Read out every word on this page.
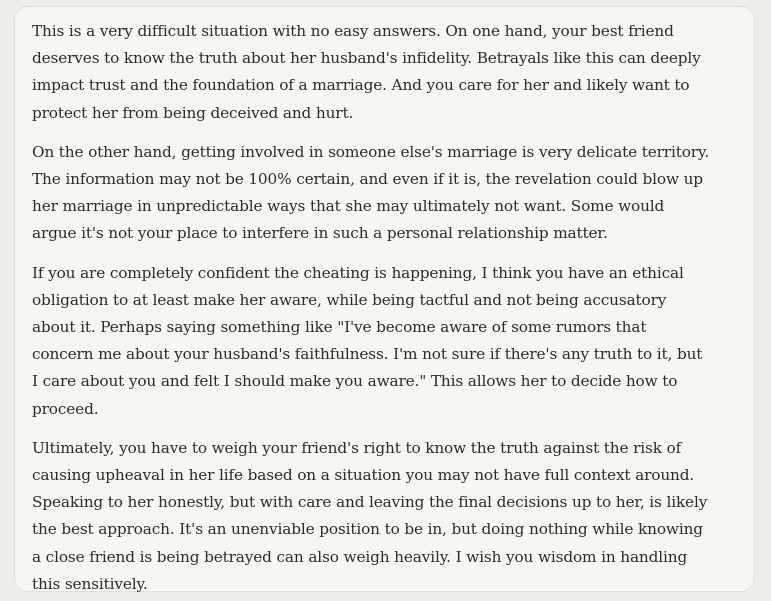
This is a very difficult situation with no easy answers. On one hand, your best friend deserves to know the truth about her husband's infidelity. Betrayals like this can deeply impact trust and the foundation of a marriage. And you care for her and likely want to protect her from being deceived and hurt.

On the other hand, getting involved in someone else's marriage is very delicate territory. The information may not be 100% certain, and even if it is, the revelation could blow up her marriage in unpredictable ways that she may ultimately not want. Some would argue it's not your place to interfere in such a personal relationship matter.

If you are completely confident the cheating is happening, I think you have an ethical obligation to at least make her aware, while being tactful and not being accusatory about it. Perhaps saying something like "I've become aware of some rumors that concern me about your husband's faithfulness. I'm not sure if there's any truth to it, but I care about you and felt I should make you aware." This allows her to decide how to proceed.

Ultimately, you have to weigh your friend's right to know the truth against the risk of causing upheaval in her life based on a situation you may not have full context around. Speaking to her honestly, but with care and leaving the final decisions up to her, is likely the best approach. It's an unenviable position to be in, but doing nothing while knowing a close friend is being betrayed can also weigh heavily. I wish you wisdom in handling this sensitively.
